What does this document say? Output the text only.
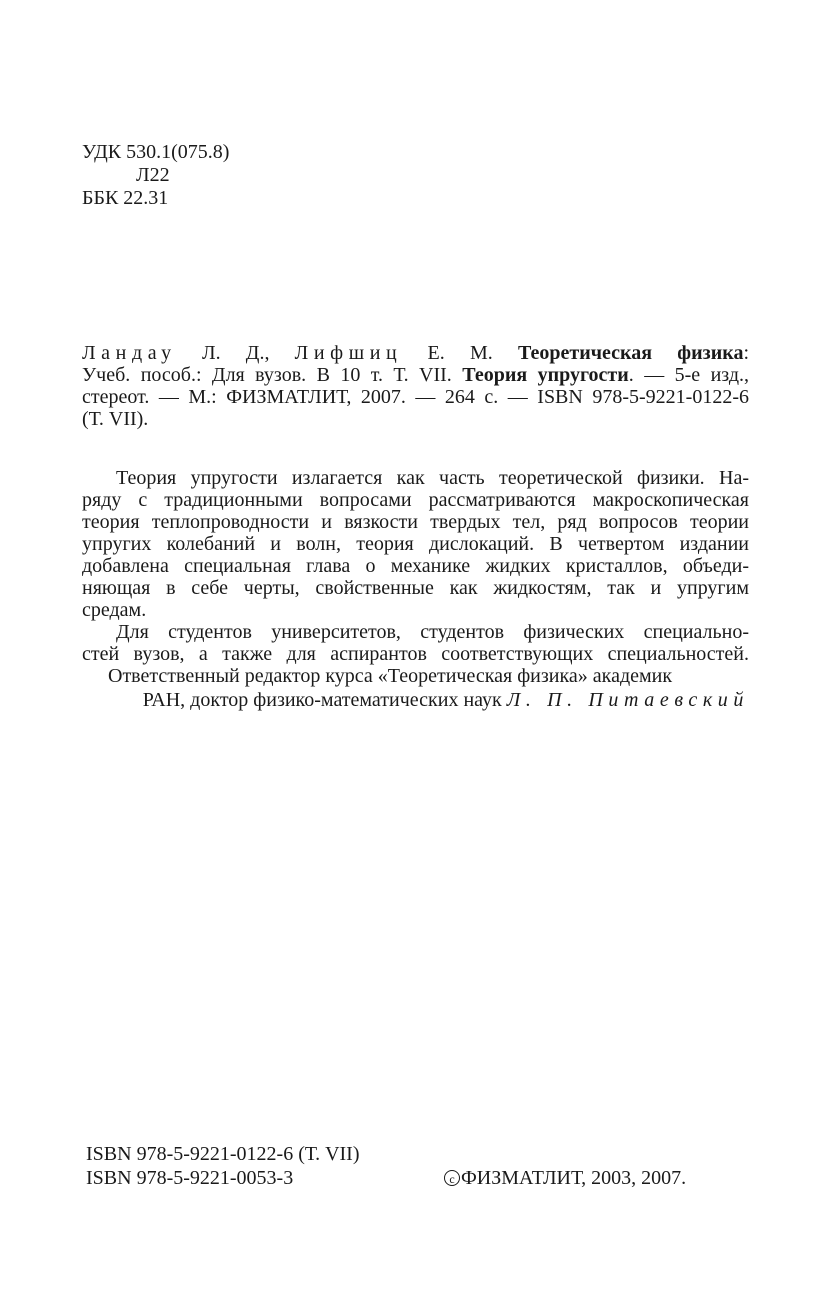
УДК 530.1(075.8)
Л22
ББК 22.31
Ландау Л. Д., Лифшиц Е. М. Теоретическая физика:
Учеб. пособ.: Для вузов. В 10 т. Т. VII. Теория упругости. — 5-е изд.,
стереот. — М.: ФИЗМАТЛИТ, 2007. — 264 с. — ISBN 978-5-9221-0122-6
(Т. VII).
Теория упругости излагается как часть теоретической физики. На-
ряду с традиционными вопросами рассматриваются макроскопическая
теория теплопроводности и вязкости твердых тел, ряд вопросов теории
упругих колебаний и волн, теория дислокаций. В четвертом издании
добавлена специальная глава о механике жидких кристаллов, объеди-
няющая в себе черты, свойственные как жидкостям, так и упругим
средам.
Для студентов университетов, студентов физических специально-
стей вузов, а также для аспирантов соответствующих специальностей.
Ответственный редактор курса «Теоретическая физика» академик
РАН, доктор физико-математических наук Л. П. Питаевский
ISBN 978-5-9221-0122-6 (Т. VII)
ISBN 978-5-9221-0053-3	c ФИЗМАТЛИТ, 2003, 2007.
